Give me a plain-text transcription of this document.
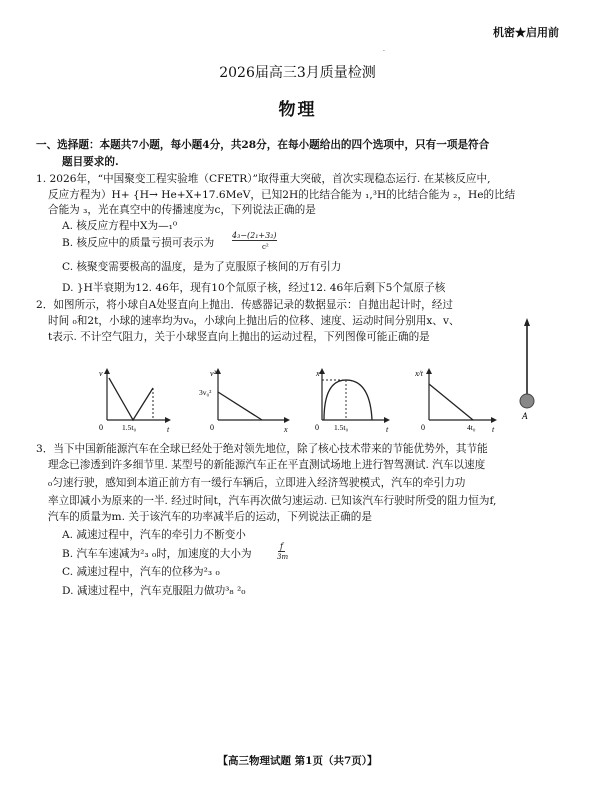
机密★启用前
·
2026届高三3月质量检测
物理
一、选择题：本题共7小题，每小题4分，共28分，在每小题给出的四个选项中，只有一项是符合
题目要求的.
1. 2026年，“中国聚变工程实验堆（CFETR）”取得重大突破，首次实现稳态运行. 在某核反应中,
反应方程为）H+ {H→ He+X+17.6MeV，已知2H的比结合能为 ₁,³H的比结合能为 ₂，He的比结
合能为 ₃，光在真空中的传播速度为c，下列说法正确的是
A. 核反应方程中X为—₁⁰
B. 核反应中的质量亏损可表示为
4₃−(2₁+3₂)
c²
C. 核聚变需要极高的温度，是为了克服原子核间的万有引力
D. }H半衰期为12. 46年，现有10个氚原子核，经过12. 46年后剩下5个氚原子核
2．如图所示，将小球自A处竖直向上抛出．传感器记录的数据显示：自抛出起计时，经过
时间 ₀和2t，小球的速率均为v₀，小球向上抛出后的位移、速度、运动时间分别用x、v、
t表示. 不计空气阻力，关于小球竖直向上抛出的运动过程，下列图像可能正确的是
A
v
t
0	1.5t₀
v²
3v₀²
x
0
x
t
0 1.5t₀
x/t
t
0	4t₀
3．当下中国新能源汽车在全球已经处于绝对领先地位，除了核心技术带来的节能优势外，其节能
理念已渗透到许多细节里. 某型号的新能源汽车正在平直测试场地上进行智驾测试. 汽车以速度
₀匀速行驶，感知到本道正前方有一缓行车辆后，立即进入经济驾驶模式，汽车的牵引力功
率立即减小为原来的一半. 经过时间t，汽车再次做匀速运动. 已知该汽车行驶时所受的阻力恒为f,
汽车的质量为m. 关于该汽车的功率减半后的运动，下列说法正确的是
A. 减速过程中，汽车的牵引力不断变小
B. 汽车车速减为²₃ ₀时，加速度的大小为
f
3m
C. 减速过程中，汽车的位移为²₃ ₀
D. 减速过程中，汽车克服阻力做功³₈ ²₀
【高三物理试题 第1页（共7页）】
